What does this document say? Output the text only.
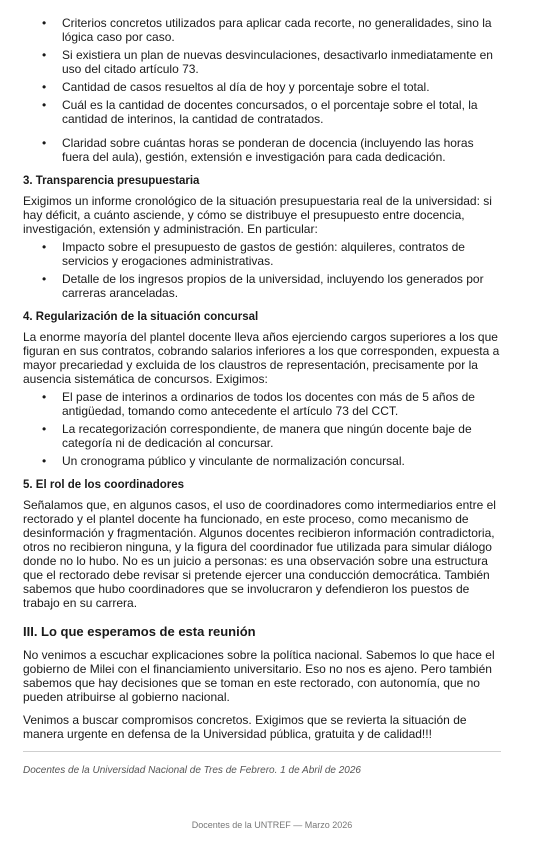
• Criterios concretos utilizados para aplicar cada recorte, no generalidades, sino la lógica caso por caso.
• Si existiera un plan de nuevas desvinculaciones, desactivarlo inmediatamente en uso del citado artículo 73.
• Cantidad de casos resueltos al día de hoy y porcentaje sobre el total.
• Cuál es la cantidad de docentes concursados, o el porcentaje sobre el total, la cantidad de interinos, la cantidad de contratados.
• Claridad sobre cuántas horas se ponderan de docencia (incluyendo las horas fuera del aula), gestión, extensión e investigación para cada dedicación.
3. Transparencia presupuestaria

Exigimos un informe cronológico de la situación presupuestaria real de la universidad: si hay déficit, a cuánto asciende, y cómo se distribuye el presupuesto entre docencia, investigación, extensión y administración. En particular:

• Impacto sobre el presupuesto de gastos de gestión: alquileres, contratos de servicios y erogaciones administrativas.
• Detalle de los ingresos propios de la universidad, incluyendo los generados por carreras aranceladas.
4. Regularización de la situación concursal

La enorme mayoría del plantel docente lleva años ejerciendo cargos superiores a los que figuran en sus contratos, cobrando salarios inferiores a los que corresponden, expuesta a mayor precariedad y excluida de los claustros de representación, precisamente por la ausencia sistemática de concursos. Exigimos:

• El pase de interinos a ordinarios de todos los docentes con más de 5 años de antigüedad, tomando como antecedente el artículo 73 del CCT.
• La recategorización correspondiente, de manera que ningún docente baje de categoría ni de dedicación al concursar.
• Un cronograma público y vinculante de normalización concursal.
5. El rol de los coordinadores

Señalamos que, en algunos casos, el uso de coordinadores como intermediarios entre el rectorado y el plantel docente ha funcionado, en este proceso, como mecanismo de desinformación y fragmentación. Algunos docentes recibieron información contradictoria, otros no recibieron ninguna, y la figura del coordinador fue utilizada para simular diálogo donde no lo hubo. No es un juicio a personas: es una observación sobre una estructura que el rectorado debe revisar si pretende ejercer una conducción democrática. También sabemos que hubo coordinadores que se involucraron y defendieron los puestos de trabajo en su carrera.

III. Lo que esperamos de esta reunión

No venimos a escuchar explicaciones sobre la política nacional. Sabemos lo que hace el gobierno de Milei con el financiamiento universitario. Eso no nos es ajeno. Pero también sabemos que hay decisiones que se toman en este rectorado, con autonomía, que no pueden atribuirse al gobierno nacional.

Venimos a buscar compromisos concretos. Exigimos que se revierta la situación de manera urgente en defensa de la Universidad pública, gratuita y de calidad!!!

Docentes de la Universidad Nacional de Tres de Febrero. 1 de Abril de 2026

Docentes de la UNTREF — Marzo 2026
